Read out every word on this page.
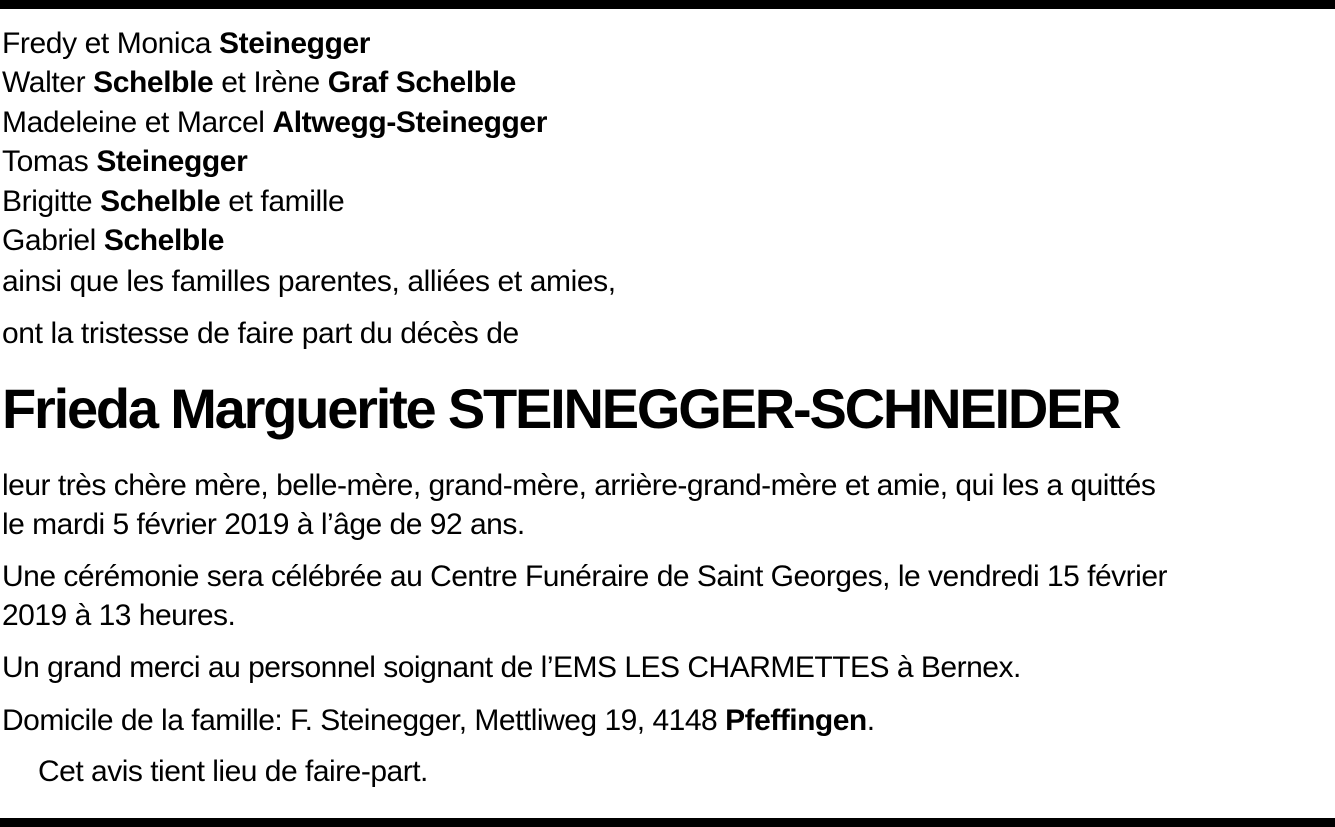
Fredy et Monica Steinegger
Walter Schelble et Irène Graf Schelble
Madeleine et Marcel Altwegg-Steinegger
Tomas Steinegger
Brigitte Schelble et famille
Gabriel Schelble
ainsi que les familles parentes, alliées et amies,
ont la tristesse de faire part du décès de
Frieda Marguerite STEINEGGER-SCHNEIDER
leur très chère mère, belle-mère, grand-mère, arrière-grand-mère et amie, qui les a quittés
le mardi 5 février 2019 à l’âge de 92 ans.
Une cérémonie sera célébrée au Centre Funéraire de Saint Georges, le vendredi 15 février
2019 à 13 heures.
Un grand merci au personnel soignant de l’EMS LES CHARMETTES à Bernex.
Domicile de la famille: F. Steinegger, Mettliweg 19, 4148 Pfeffingen.
Cet avis tient lieu de faire-part.
